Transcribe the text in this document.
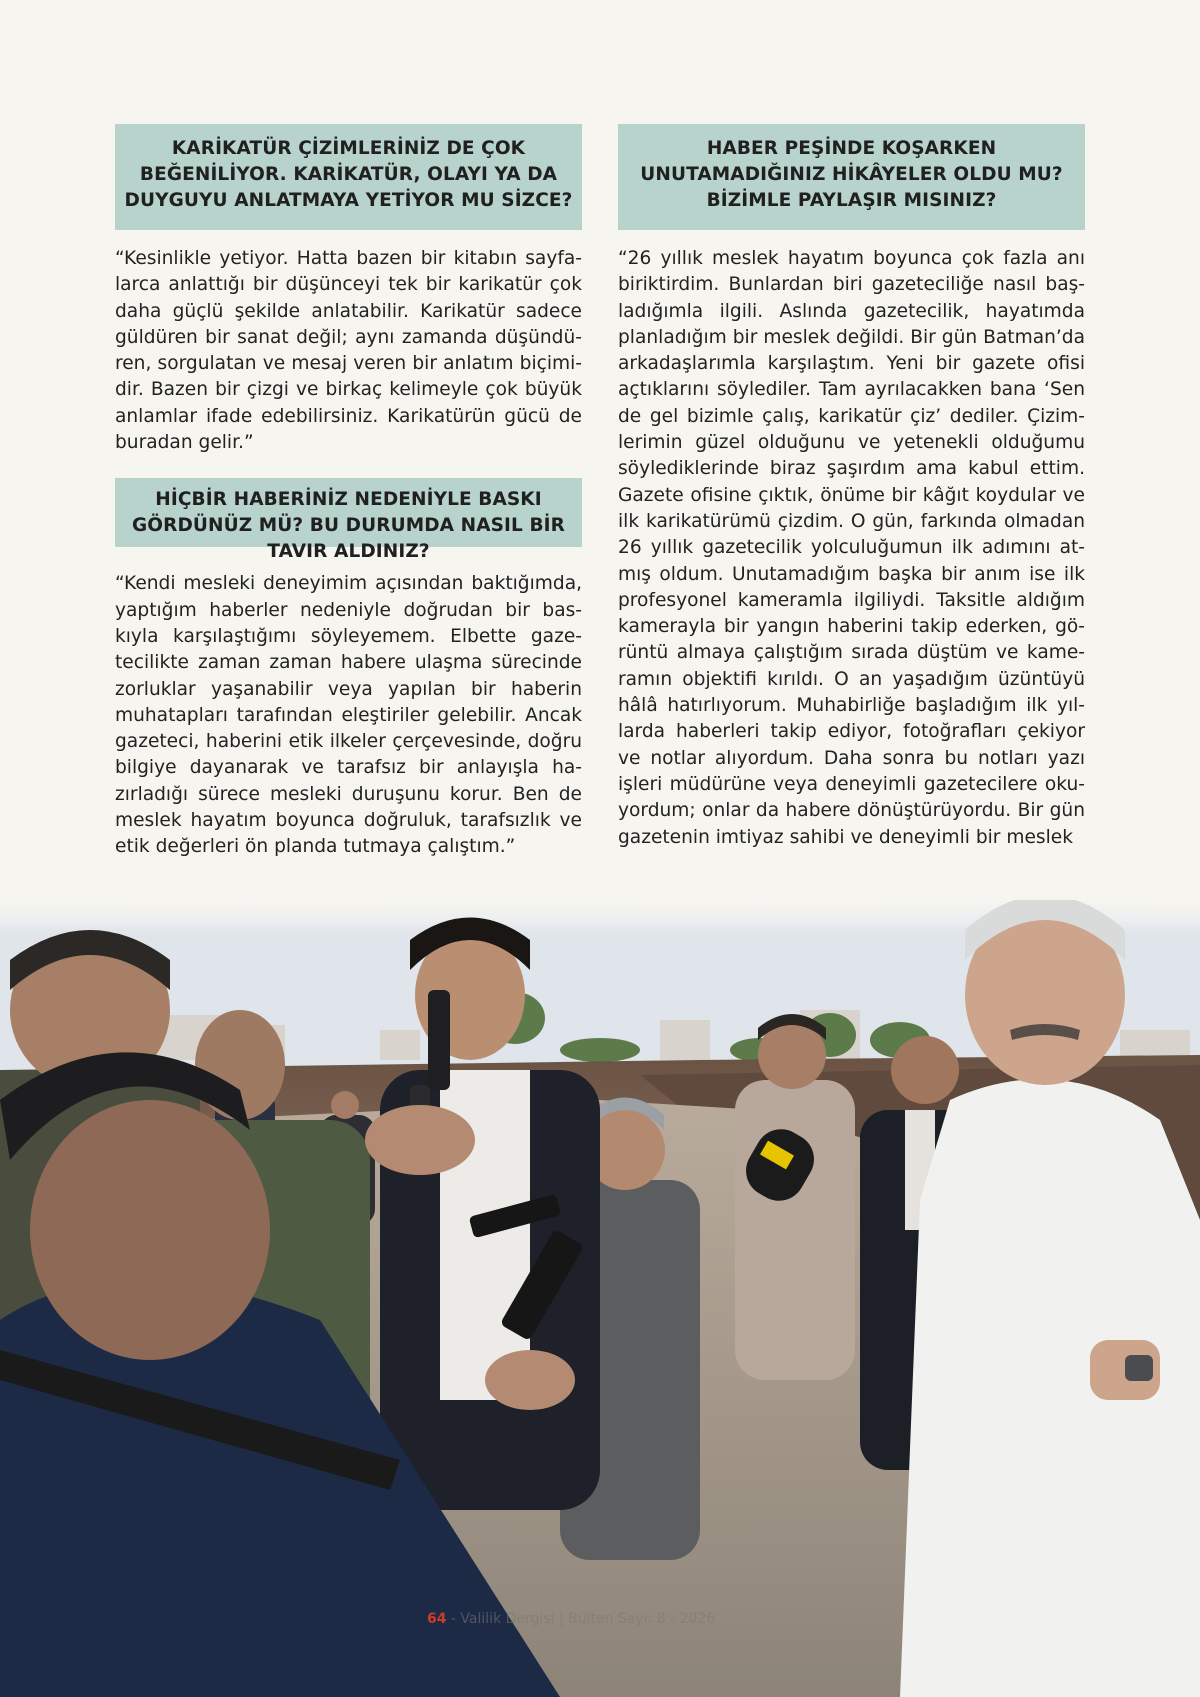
KARİKATÜR ÇİZİMLERİNİZ DE ÇOK BEĞENİLİYOR. KARİKATÜR, OLAYI YA DA DUYGUYU ANLATMAYA YETİYOR MU SİZCE?

“Kesinlikle yetiyor. Hatta bazen bir kitabın sayfalarca anlattığı bir düşünceyi tek bir karikatür çok daha güçlü şekilde anlatabilir. Karikatür sadece güldüren bir sanat değil; aynı zamanda düşündüren, sorgulatan ve mesaj veren bir anlatım biçimidir. Bazen bir çizgi ve birkaç kelimeyle çok büyük anlamlar ifade edebilirsiniz. Karikatürün gücü de buradan gelir.”

HİÇBİR HABERİNİZ NEDENİYLE BASKI GÖRDÜNÜZ MÜ? BU DURUMDA NASIL BİR TAVIR ALDINIZ?

“Kendi mesleki deneyimim açısından baktığımda, yaptığım haberler nedeniyle doğrudan bir baskıyla karşılaştığımı söyleyemem. Elbette gazetecilikte zaman zaman habere ulaşma sürecinde zorluklar yaşanabilir veya yapılan bir haberin muhatapları tarafından eleştiriler gelebilir. Ancak gazeteci, haberini etik ilkeler çerçevesinde, doğru bilgiye dayanarak ve tarafsız bir anlayışla hazırladığı sürece mesleki duruşunu korur. Ben de meslek hayatım boyunca doğruluk, tarafsızlık ve etik değerleri ön planda tutmaya çalıştım.”

HABER PEŞİNDE KOŞARKEN UNUTAMADIĞINIZ HİKÂYELER OLDU MU? BİZİMLE PAYLAŞIR MISINIZ?

“26 yıllık meslek hayatım boyunca çok fazla anı biriktirdim. Bunlardan biri gazeteciliğe nasıl başladığımla ilgili. Aslında gazetecilik, hayatımda planladığım bir meslek değildi. Bir gün Batman’da arkadaşlarımla karşılaştım. Yeni bir gazete ofisi açtıklarını söylediler. Tam ayrılacakken bana ‘Sen de gel bizimle çalış, karikatür çiz’ dediler. Çizimlerimin güzel olduğunu ve yetenekli olduğumu söylediklerinde biraz şaşırdım ama kabul ettim. Gazete ofisine çıktık, önüme bir kâğıt koydular ve ilk karikatürümü çizdim. O gün, farkında olmadan 26 yıllık gazetecilik yolculuğumun ilk adımını atmış oldum. Unutamadığım başka bir anım ise ilk profesyonel kameramla ilgiliydi. Taksitle aldığım kamerayla bir yangın haberini takip ederken, görüntü almaya çalıştığım sırada düştüm ve kameramın objektifi kırıldı. O an yaşadığım üzüntüyü hâlâ hatırlıyorum. Muhabirliğe başladığım ilk yıllarda haberleri takip ediyor, fotoğrafları çekiyor ve notlar alıyordum. Daha sonra bu notları yazı işleri müdürüne veya deneyimli gazetecilere okuyordum; onlar da habere dönüştürüyordu. Bir gün gazetenin imtiyaz sahibi ve deneyimli bir meslek

64 - Valilik Dergisi | Bülten Sayı: 8 - 2026
